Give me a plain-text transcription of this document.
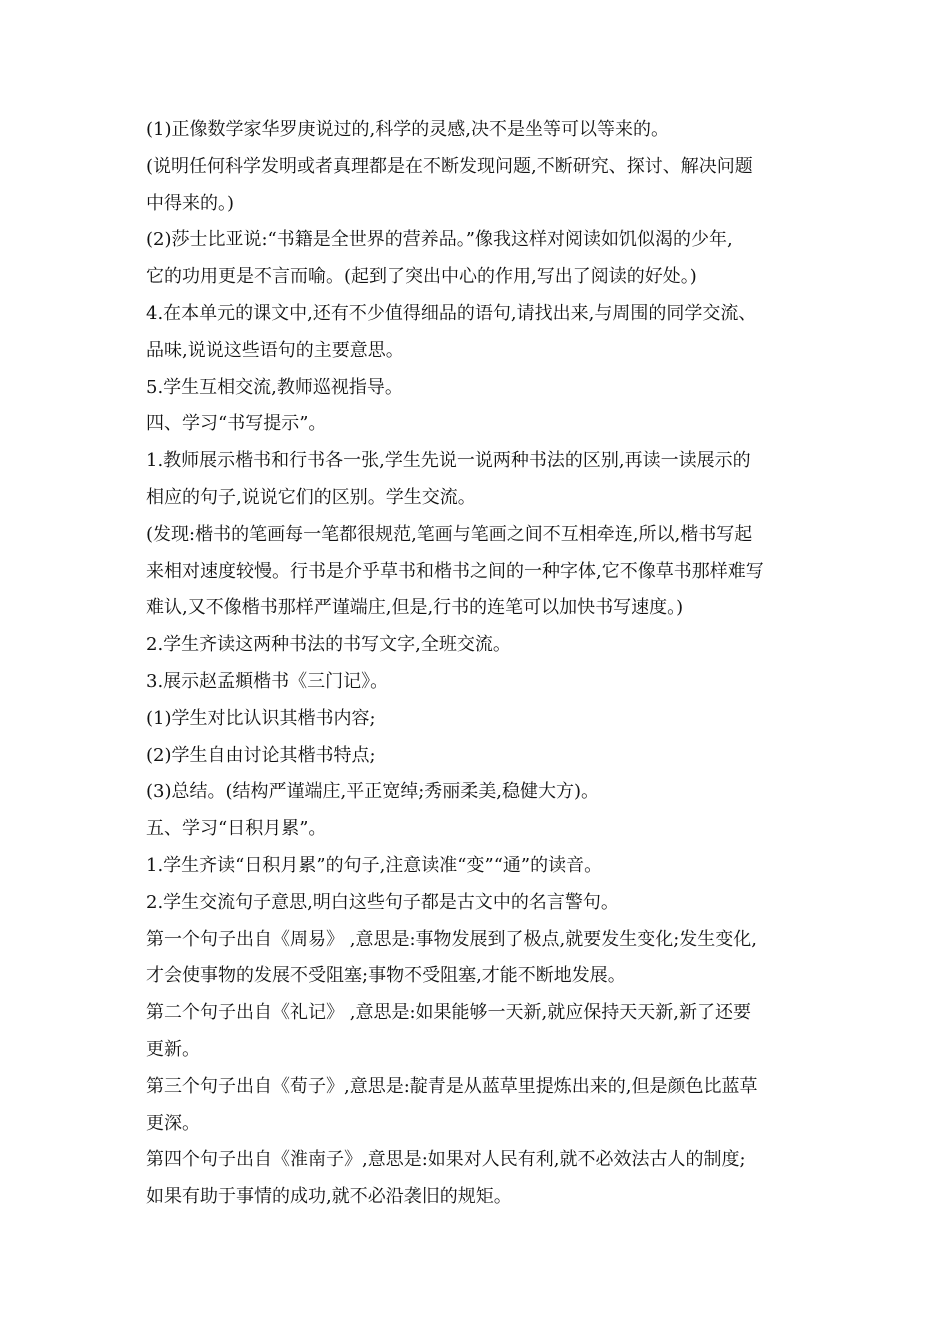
(1)正像数学家华罗庚说过的,科学的灵感,决不是坐等可以等来的。
(说明任何科学发明或者真理都是在不断发现问题,不断研究、探讨、解决问题
中得来的。)
(2)莎士比亚说:“书籍是全世界的营养品。”像我这样对阅读如饥似渴的少年,
它的功用更是不言而喻。(起到了突出中心的作用,写出了阅读的好处。)
4.在本单元的课文中,还有不少值得细品的语句,请找出来,与周围的同学交流、
品味,说说这些语句的主要意思。
5.学生互相交流,教师巡视指导。
四、学习“书写提示”。
1.教师展示楷书和行书各一张,学生先说一说两种书法的区别,再读一读展示的
相应的句子,说说它们的区别。学生交流。
(发现:楷书的笔画每一笔都很规范,笔画与笔画之间不互相牵连,所以,楷书写起
来相对速度较慢。行书是介乎草书和楷书之间的一种字体,它不像草书那样难写
难认,又不像楷书那样严谨端庄,但是,行书的连笔可以加快书写速度。)
2.学生齐读这两种书法的书写文字,全班交流。
3.展示赵孟頫楷书《三门记》。
(1)学生对比认识其楷书内容;
(2)学生自由讨论其楷书特点;
(3)总结。(结构严谨端庄,平正宽绰;秀丽柔美,稳健大方)。
五、学习“日积月累”。
1.学生齐读“日积月累”的句子,注意读准“变”“通”的读音。
2.学生交流句子意思,明白这些句子都是古文中的名言警句。
第一个句子出自《周易》 ,意思是:事物发展到了极点,就要发生变化;发生变化,
才会使事物的发展不受阻塞;事物不受阻塞,才能不断地发展。
第二个句子出自《礼记》 ,意思是:如果能够一天新,就应保持天天新,新了还要
更新。
第三个句子出自《荀子》,意思是:靛青是从蓝草里提炼出来的,但是颜色比蓝草
更深。
第四个句子出自《淮南子》,意思是:如果对人民有利,就不必效法古人的制度;
如果有助于事情的成功,就不必沿袭旧的规矩。
